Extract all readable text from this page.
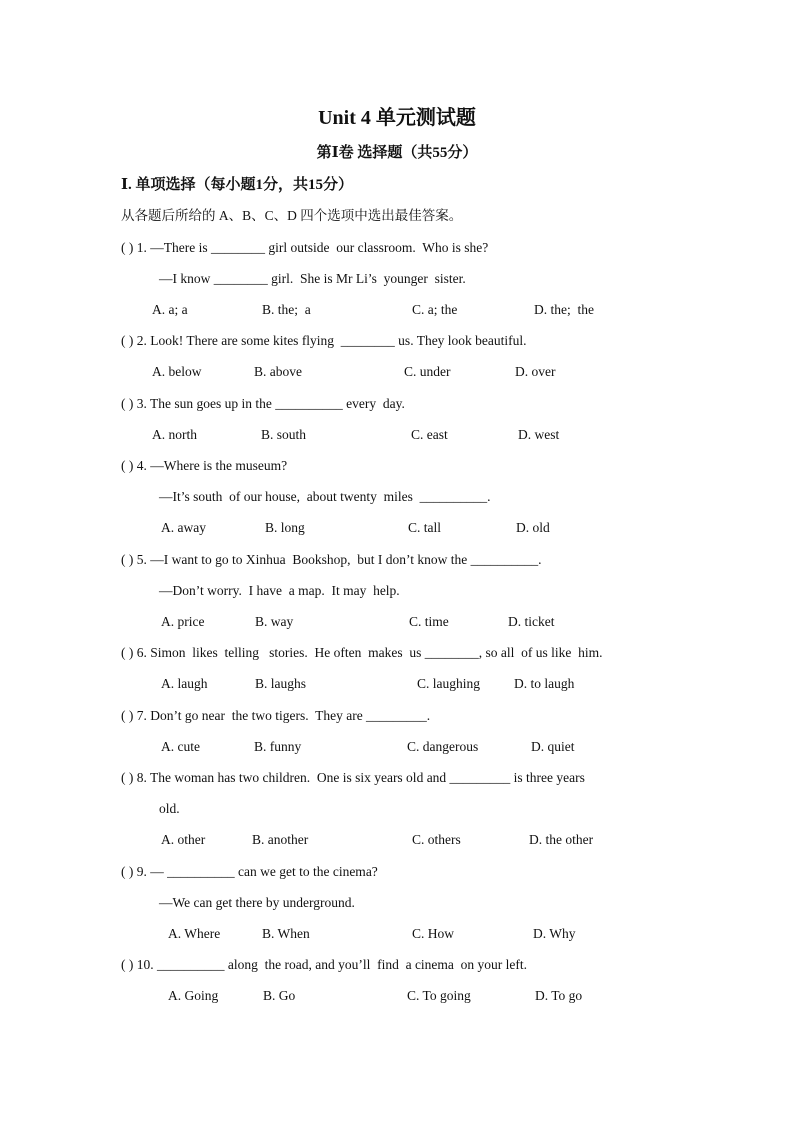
Unit 4 单元测试题
第Ⅰ卷 选择题（共55分）
Ⅰ. 单项选择（每小题1分，共15分）
从各题后所给的 A、B、C、D 四个选项中选出最佳答案。
( ) 1. —There is ________ girl outside  our classroom.  Who is she?
—I know ________ girl.  She is Mr Li’s  younger  sister.
A. a; a	B. the;  a	C. a; the	D. the;  the
( ) 2. Look! There are some kites flying  ________ us. They look beautiful.
A. below	B. above	C. under	D. over
( ) 3. The sun goes up in the __________ every  day.
A. north	B. south	C. east	D. west
( ) 4. —Where is the museum?
—It’s south  of our house,  about twenty  miles  __________.
A. away	B. long	C. tall	D. old
( ) 5. —I want to go to Xinhua  Bookshop,  but I don’t know the __________.
—Don’t worry.  I have  a map.  It may  help.
A. price	B. way	C. time	D. ticket
( ) 6. Simon  likes  telling   stories.  He often  makes  us ________, so all  of us like  him.
A. laugh	B. laughs	C. laughing	D. to laugh
( ) 7. Don’t go near  the two tigers.  They are _________.
A. cute	B. funny	C. dangerous	D. quiet
( ) 8. The woman has two children.  One is six years old and _________ is three years
old.
A. other	B. another	C. others	D. the other
( ) 9. — __________ can we get to the cinema?
—We can get there by underground.
A. Where	B. When	C. How	D. Why
( ) 10. __________ along  the road, and you’ll  find  a cinema  on your left.
A. Going	B. Go	C. To going	D. To go
